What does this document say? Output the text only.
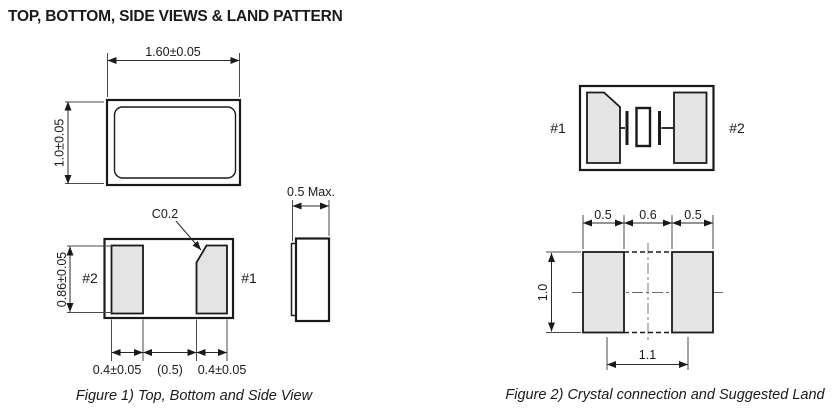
TOP, BOTTOM, SIDE VIEWS & LAND PATTERN
1.60±0.05
1.0±0.05
C0.2
#2	#1
0.86±0.05
0.4±0.05 (0.5) 0.4±0.05
0.5 Max.
Figure 1) Top, Bottom and Side View
#1	#2
0.5 0.6 0.5
1.0
1.1
Figure 2) Crystal connection and Suggested Land
